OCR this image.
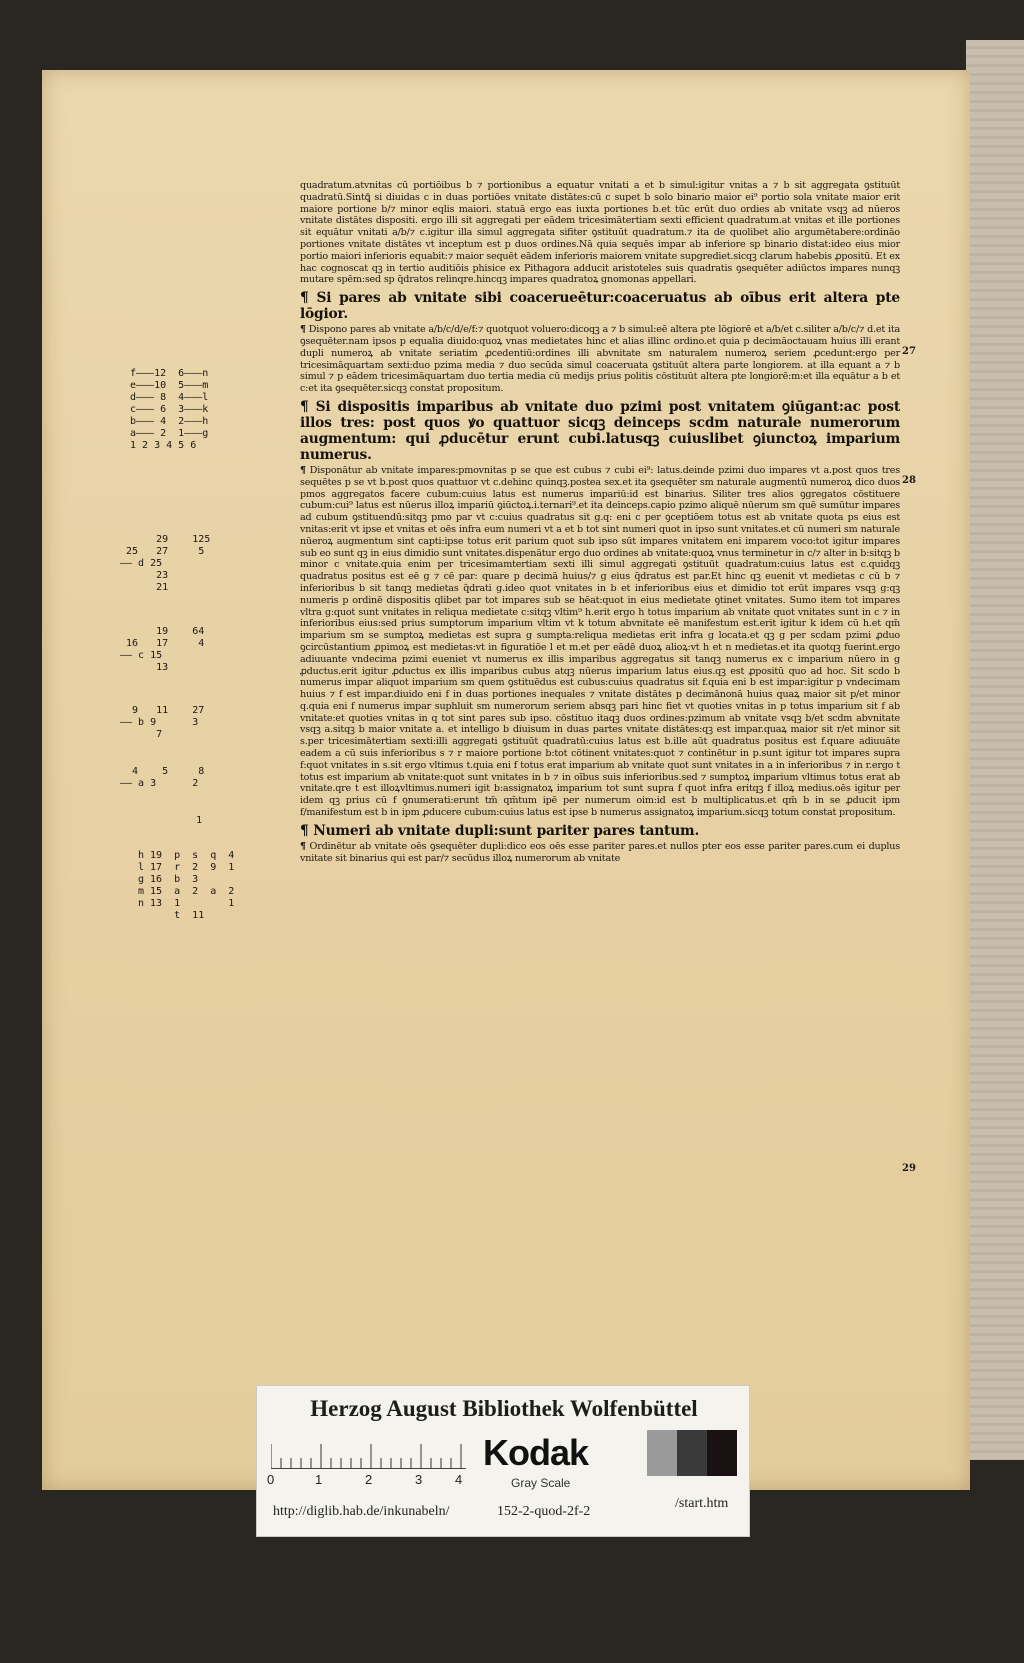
f———12  6———n
e———10  5———m
d——— 8  4———l
c——— 6  3———k
b——— 4  2———h
a——— 2  1———g
1 2 3 4 5 6
29    125
25   27     5
—— d 25
23
21
19    64
16   17     4
—— c 15
13
9   11    27
—— b 9      3
7
4    5     8
—— a 3      2
1
h 19  p  s  q  4
l 17  r  2  9  1
g 16  b  3
m 15  a  2  a  2
n 13  1        1
t  11

quadratum.atvnitas cū portiōibus b ⁊ portionibus a equatur vnitati a et b simul:igitur vnitas a ⁊ b sit aggregata ꝯstituūt quadratū.Sintꝗ̄ si diuidas c in duas portiōes vnitate distātes:cū c supet b solo binario maior ei⁹ portio sola vnitate maior erit maiore portione b/⁊ minor eqlis maiori. statuā ergo eas iuxta portiones b.et tūc erūt duo ordies ab vnitate vsqꝫ ad nūeros vnitate distātes dispositi. ergo illi sit aggregati per eādem tricesimātertiam sexti efficient quadratum.at vnitas et ille portiones sit equātur vnitati a/b/⁊ c.igitur illa simul aggregata sifiter ꝯstituūt quadratum.⁊ ita de quolibet alio argumētabere:ordināo portiones vnitate distātes vt inceptum est p duos ordines.Nā quia sequēs impar ab inferiore sp binario distat:ideo eius mior portio maiori inferioris equabit:⁊ maior sequēt eādem inferioris maiorem vnitate supgrediet.sicqꝫ clarum habebis ꝓpositū. Et ex hac cognoscat qꝫ in tertio auditiōis phisice ex Pithagora adducit aristoteles suis quadratis ꝯsequēter adiūctos impares nunqꝫ mutare spēm:sed sp q̄dratos relinqre.hincqꝫ impares quadratoꝝ gnomonas appellari.

¶ Si pares ab vnitate sibi coacerueētur:coaceruatus ab oībus erit altera pte lōgior.

¶ Dispono pares ab vnitate a/b/c/d/e/f:⁊ quotquot voluero:dicoqꝫ a ⁊ b simul:eē altera pte lōgiorē et a/b/et c.siliter a/b/c/⁊ d.et ita ꝯsequēter.nam ipsos p equalia diuido:quoꝝ vnas medietates hinc et alias illinc ordino.et quia p decimāoctauam huius illi erant dupli numeroꝝ ab vnitate seriatim ꝓcedentiū:ordines illi abvnitate sm naturalem numeroꝝ seriem ꝓcedunt:ergo per tricesimāquartam sexti:duo pzima media ⁊ duo secūda simul coaceruata ꝯstituūt altera parte longiorem. at illa equant a ⁊ b simul ⁊ p eādem tricesimāquartam duo tertia media cū medijs prius politis cōstituūt altera pte longiorē:m:et illa equātur a b et c:et ita ꝯsequēter.sicqꝫ constat propositum.

¶ Si dispositis imparibus ab vnitate duo pzimi post vnitatem ꝯiūgant:ac post illos tres: post quos ꝟo quattuor sicqꝫ deinceps scdm naturale numerorum augmentum: qui ꝓducētur erunt cubi.latusqꝫ cuiuslibet ꝯiunctoꝝ imparium numerus.

¶ Disponātur ab vnitate impares:pmovnitas p se que est cubus ⁊ cubi ei⁹: latus.deinde pzimi duo impares vt a.post quos tres sequētes p se vt b.post quos quattuor vt c.dehinc quinqꝫ.postea sex.et ita ꝯsequēter sm naturale augmentū numeroꝝ dico duos pmos aggregatos facere cubum:cuius latus est numerus impariū:id est binarius. Siliter tres alios ꝯgregatos cōstituere cubum:cui⁹ latus est nūerus illoꝝ impariū ꝯiūctoꝝ.i.ternari⁹.et ita deinceps.capio pzimo aliquē nūerum sm quē sumūtur impares ad cubum ꝯstituendū:sitqꝫ pmo par vt c:cuius quadratus sit g.q: eni c per ꝯceptiōem totus est ab vnitate quota ps eius est vnitas:erit vt ipse et vnitas et oēs infra eum numeri vt a et b tot sint numeri quot in ipso sunt vnitates.et cū numeri sm naturale nūeroꝝ augmentum sint capti:ipse totus erit parium quot sub ipso sūt impares vnitatem eni imparem voco:tot igitur impares sub eo sunt qꝫ in eius dimidio sunt vnitates.dispenātur ergo duo ordines ab vnitate:quoꝝ vnus terminetur in c/⁊ alter in b:sitqꝫ b minor c vnitate.quia enim per tricesimamtertiam sexti illi simul aggregati ꝯstituūt quadratum:cuius latus est c.quidqꝫ quadratus positus est eē g ⁊ cē par: quare p decimā huius/⁊ g eius q̄dratus est par.Et hinc qꝫ euenit vt medietas c cū b ⁊ inferioribus b sit tanqꝫ medietas q̄drati g.ideo quot vnitates in b et inferioribus eius et dimidio tot erūt impares vsqꝫ g:qꝫ numeris p ordinē dispositis qlibet par tot impares sub se hēat:quot in eius medietate ꝯtinet vnitates. Sumo item tot impares vltra g:quot sunt vnitates in reliqua medietate c:sitqꝫ vltim⁹ h.erit ergo h totus imparium ab vnitate quot vnitates sunt in c ⁊ in inferioribus eius:sed prius sumptorum imparium vltim vt k totum abvnitate eē manifestum est.erit igitur k idem cū h.et qm̄ imparium sm se sumptoꝝ medietas est supra g sumpta:reliqua medietas erit infra g locata.et qꝫ g per scdam pzimi ꝓduo ꝯcircūstantium ꝓpimoꝝ est medietas:vt in figuratiōe l et m.et per eādē duoꝝ alioꝝ:vt h et n medietas.et ita quotqꝫ fuerint.ergo adiuuante vndecima pzimi eueniet vt numerus ex illis imparibus aggregatus sit tanqꝫ numerus ex c imparium nūero in g ꝓductus.erit igitur ꝓductus ex illis imparibus cubus atqꝫ nūerus imparium latus eius.qꝫ est ꝓpositū quo ad hoc. Sit scdo b numerus impar aliquot imparium sm quem ꝯstituēdus est cubus:cuius quadratus sit f.quia eni b est impar:igitur p vndecimam huius ⁊ f est impar.diuido eni f in duas portiones inequales ⁊ vnitate distātes p decimānonā huius quaꝝ maior sit p/et minor q.quia eni f numerus impar suphluit sm numerorum seriem absqꝫ pari hinc fiet vt quoties vnitas in p totus imparium sit f ab vnitate:et quoties vnitas in q tot sint pares sub ipso. cōstituo itaqꝫ duos ordines:pzimum ab vnitate vsqꝫ b/et scdm abvnitate vsqꝫ a.sitqꝫ b maior vnitate a. et intelligo b diuisum in duas partes vnitate distātes:qꝫ est impar.quaꝝ maior sit r/et minor sit s.per tricesimātertiam sexti:illi aggregati ꝯstituūt quadratū:cuius latus est b.ille aūt quadratus positus est f.quare adiuuāte eadem a cū suis inferioribus s ⁊ r maiore portione b:tot cōtinent vnitates:quot ⁊ continētur in p.sunt igitur tot impares supra f:quot vnitates in s.sit ergo vltimus t.quia eni f totus erat imparium ab vnitate quot sunt vnitates in a in inferioribus ⁊ in r.ergo t totus est imparium ab vnitate:quot sunt vnitates in b ⁊ in oībus suis inferioribus.sed ⁊ sumptoꝝ imparium vltimus totus erat ab vnitate.qre t est illoꝝvltimus.numeri igit b:assignatoꝝ imparium tot sunt supra f quot infra eritqꝫ f illoꝝ medius.oēs igitur per idem qꝫ prius cū f ꝯnumerati:erunt tm̄ qm̄tum ipē per numerum oim:id est b multiplicatus.et qm̄ b in se ꝓducit ipm f/manifestum est b in ipm ꝓducere cubum:cuius latus est ipse b numerus assignatoꝝ imparium.sicqꝫ totum constat propositum.

¶ Numeri ab vnitate dupli:sunt pariter pares tantum.

¶ Ordinētur ab vnitate oēs ꝯsequēter dupli:dico eos oēs esse pariter pares.et nullos pter eos esse pariter pares.cum ei duplus vnitate sit binarius qui est par/⁊ secūdus illoꝝ numerorum ab vnitate

27
28
29
Herzog August Bibliothek Wolfenbüttel
0	1	2	3	4
Kodak
Gray Scale
http://diglib.hab.de/inkunabeln/	152-2-quod-2f-2
/start.htm
